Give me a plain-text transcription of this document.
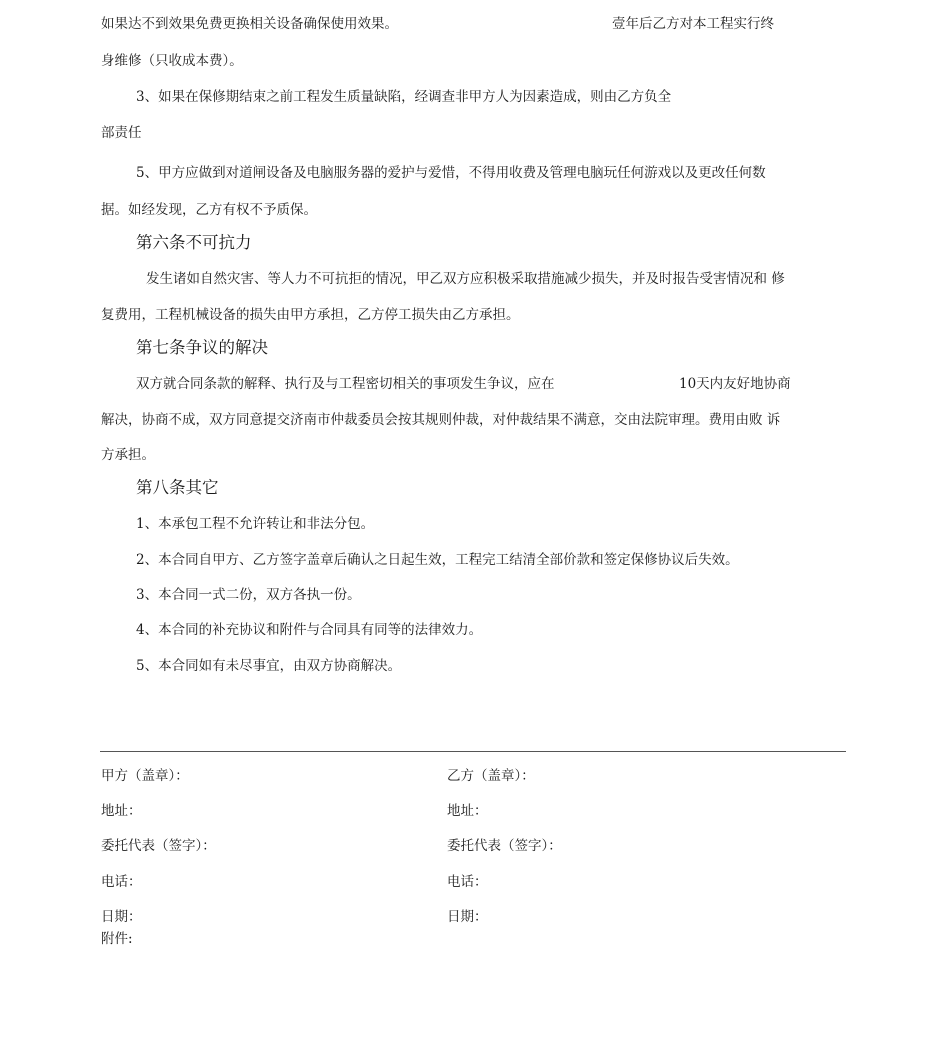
如果达不到效果免费更换相关设备确保使用效果。	壹年后乙方对本工程实行终
身维修（只收成本费）。
3、如果在保修期结束之前工程发生质量缺陷，经调查非甲方人为因素造成，则由乙方负全
部责任
5、甲方应做到对道闸设备及电脑服务器的爱护与爱惜，不得用收费及管理电脑玩任何游戏以及更改任何数
据。如经发现，乙方有权不予质保。
第六条不可抗力
发生诸如自然灾害、等人力不可抗拒的情况，甲乙双方应积极采取措施减少损失，并及时报告受害情况和 修
复费用，工程机械设备的损失由甲方承担，乙方停工损失由乙方承担。
第七条争议的解决
双方就合同条款的解释、执行及与工程密切相关的事项发生争议，应在	10天内友好地协商
解决，协商不成，双方同意提交济南市仲裁委员会按其规则仲裁，对仲裁结果不满意，交由法院审理。费用由败 诉
方承担。
第八条其它
1、本承包工程不允许转让和非法分包。
2、本合同自甲方、乙方签字盖章后确认之日起生效，工程完工结清全部价款和签定保修协议后失效。
3、本合同一式二份，双方各执一份。
4、本合同的补充协议和附件与合同具有同等的法律效力。
5、本合同如有未尽事宜，由双方协商解决。
甲方（盖章）：	乙方（盖章）：
地址：	地址：
委托代表（签字）：	委托代表（签字）：
电话：	电话：
日期：	日期：
附件:
